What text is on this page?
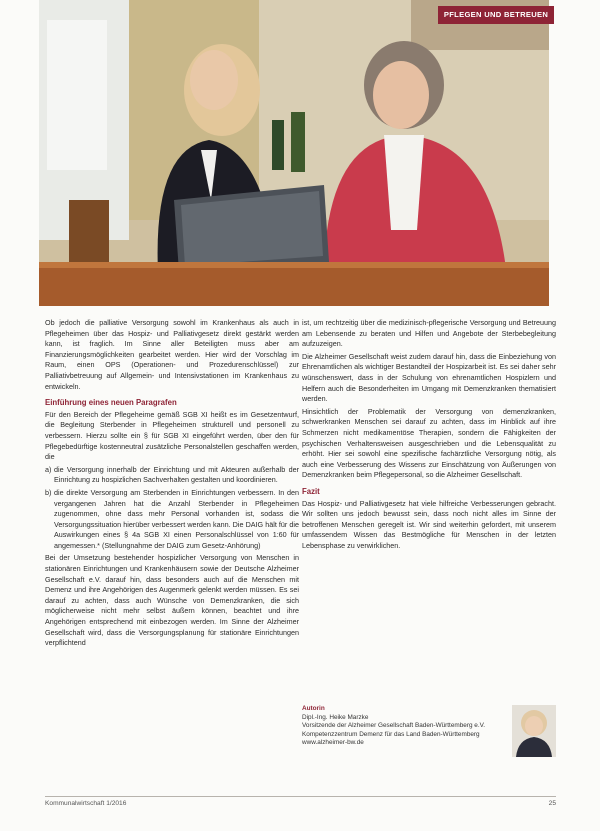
PFLEGEN UND BETREUEN

Ob jedoch die palliative Versorgung sowohl im Krankenhaus als auch in Pflegeheimen über das Hospiz- und Palliativgesetz direkt gestärkt werden kann, ist fraglich. Im Sinne aller Beteiligten muss aber am Finanzierungsmöglichkeiten gearbeitet werden. Hier wird der Vorschlag im Raum, einen OPS (Operationen- und Prozedurenschlüssel) zur Palliativbetreuung auf Allgemein- und Intensivstationen im Krankenhaus zu entwickeln.

Einführung eines neuen Paragrafen

Für den Bereich der Pflegeheime gemäß SGB XI heißt es im Gesetzentwurf, die Begleitung Sterbender in Pflegeheimen strukturell und personell zu verbessern. Hierzu sollte ein § für SGB XI eingeführt werden, über den für Pflegebedürftige kostenneutral zusätzliche Personalstellen geschaffen werden, die

a) die Versorgung innerhalb der Einrichtung und mit Akteuren außerhalb der Einrichtung zu hospizlichen Sachverhalten gestalten und koordinieren.
b) die direkte Versorgung am Sterbenden in Einrichtungen verbessern. In den vergangenen Jahren hat die Anzahl Sterbender in Pflegeheimen zugenommen, ohne dass mehr Personal vorhanden ist, sodass die Versorgungssituation hierüber verbessert werden kann. Die DAIG hält für die Auswirkungen eines § 4a SGB XI einen Personalschlüssel von 1:60 für angemessen.* (Stellungnahme der DAIG zum Gesetz-Anhörung)

Bei der Umsetzung bestehender hospizlicher Versorgung von Menschen in stationären Einrichtungen und Krankenhäusern sowie der Deutsche Alzheimer Gesellschaft e.V. darauf hin, dass besonders auch auf die Menschen mit Demenz und ihre Angehörigen des Augenmerk gelenkt werden müssen. Es sei darauf zu achten, dass auch Wünsche von Demenzkranken, die sich möglicherweise nicht mehr selbst äußern können, beachtet und ihre Angehörigen entsprechend mit einbezogen werden. Im Sinne der Alzheimer Gesellschaft wird, dass die Versorgungsplanung für stationäre Einrichtungen verpflichtend

ist, um rechtzeitig über die medizinisch-pflegerische Versorgung und Betreuung am Lebensende zu beraten und Hilfen und Angebote der Sterbebegleitung aufzuzeigen.

Die Alzheimer Gesellschaft weist zudem darauf hin, dass die Einbeziehung von Ehrenamtlichen als wichtiger Bestandteil der Hospizarbeit ist. Es sei daher sehr wünschenswert, dass in der Schulung von ehrenamtlichen Hospizlern und Helfern auch die Besonderheiten im Umgang mit Demenzkranken thematisiert werden.

Hinsichtlich der Problematik der Versorgung von demenzkranken, schwerkranken Menschen sei darauf zu achten, dass im Hinblick auf ihre Schmerzen nicht medikamentöse Therapien, sondern die Fähigkeiten der psychischen Verhaltensweisen ausgeschrieben und die Lebensqualität zu erhöht. Hier sei sowohl eine spezifische fachärztliche Versorgung nötig, als auch eine Verbesserung des Wissens zur Einschätzung von Äußerungen von Demenzkranken beim Pflegepersonal, so die Alzheimer Gesellschaft.

Fazit

Das Hospiz- und Palliativgesetz hat viele hilfreiche Verbesserungen gebracht. Wir sollten uns jedoch bewusst sein, dass noch nicht alles im Sinne der betroffenen Menschen geregelt ist. Wir sind weiterhin gefordert, mit unserem umfassendem Wissen das Bestmögliche für Menschen in der letzten Lebensphase zu verwirklichen.

Autorin
Dipl.-Ing. Heike Marzke
Vorsitzende der Alzheimer Gesellschaft Baden-Württemberg e.V.
Kompetenzzentrum Demenz für das Land Baden-Württemberg
www.alzheimer-bw.de
Kommunalwirtschaft 1/2016	25
